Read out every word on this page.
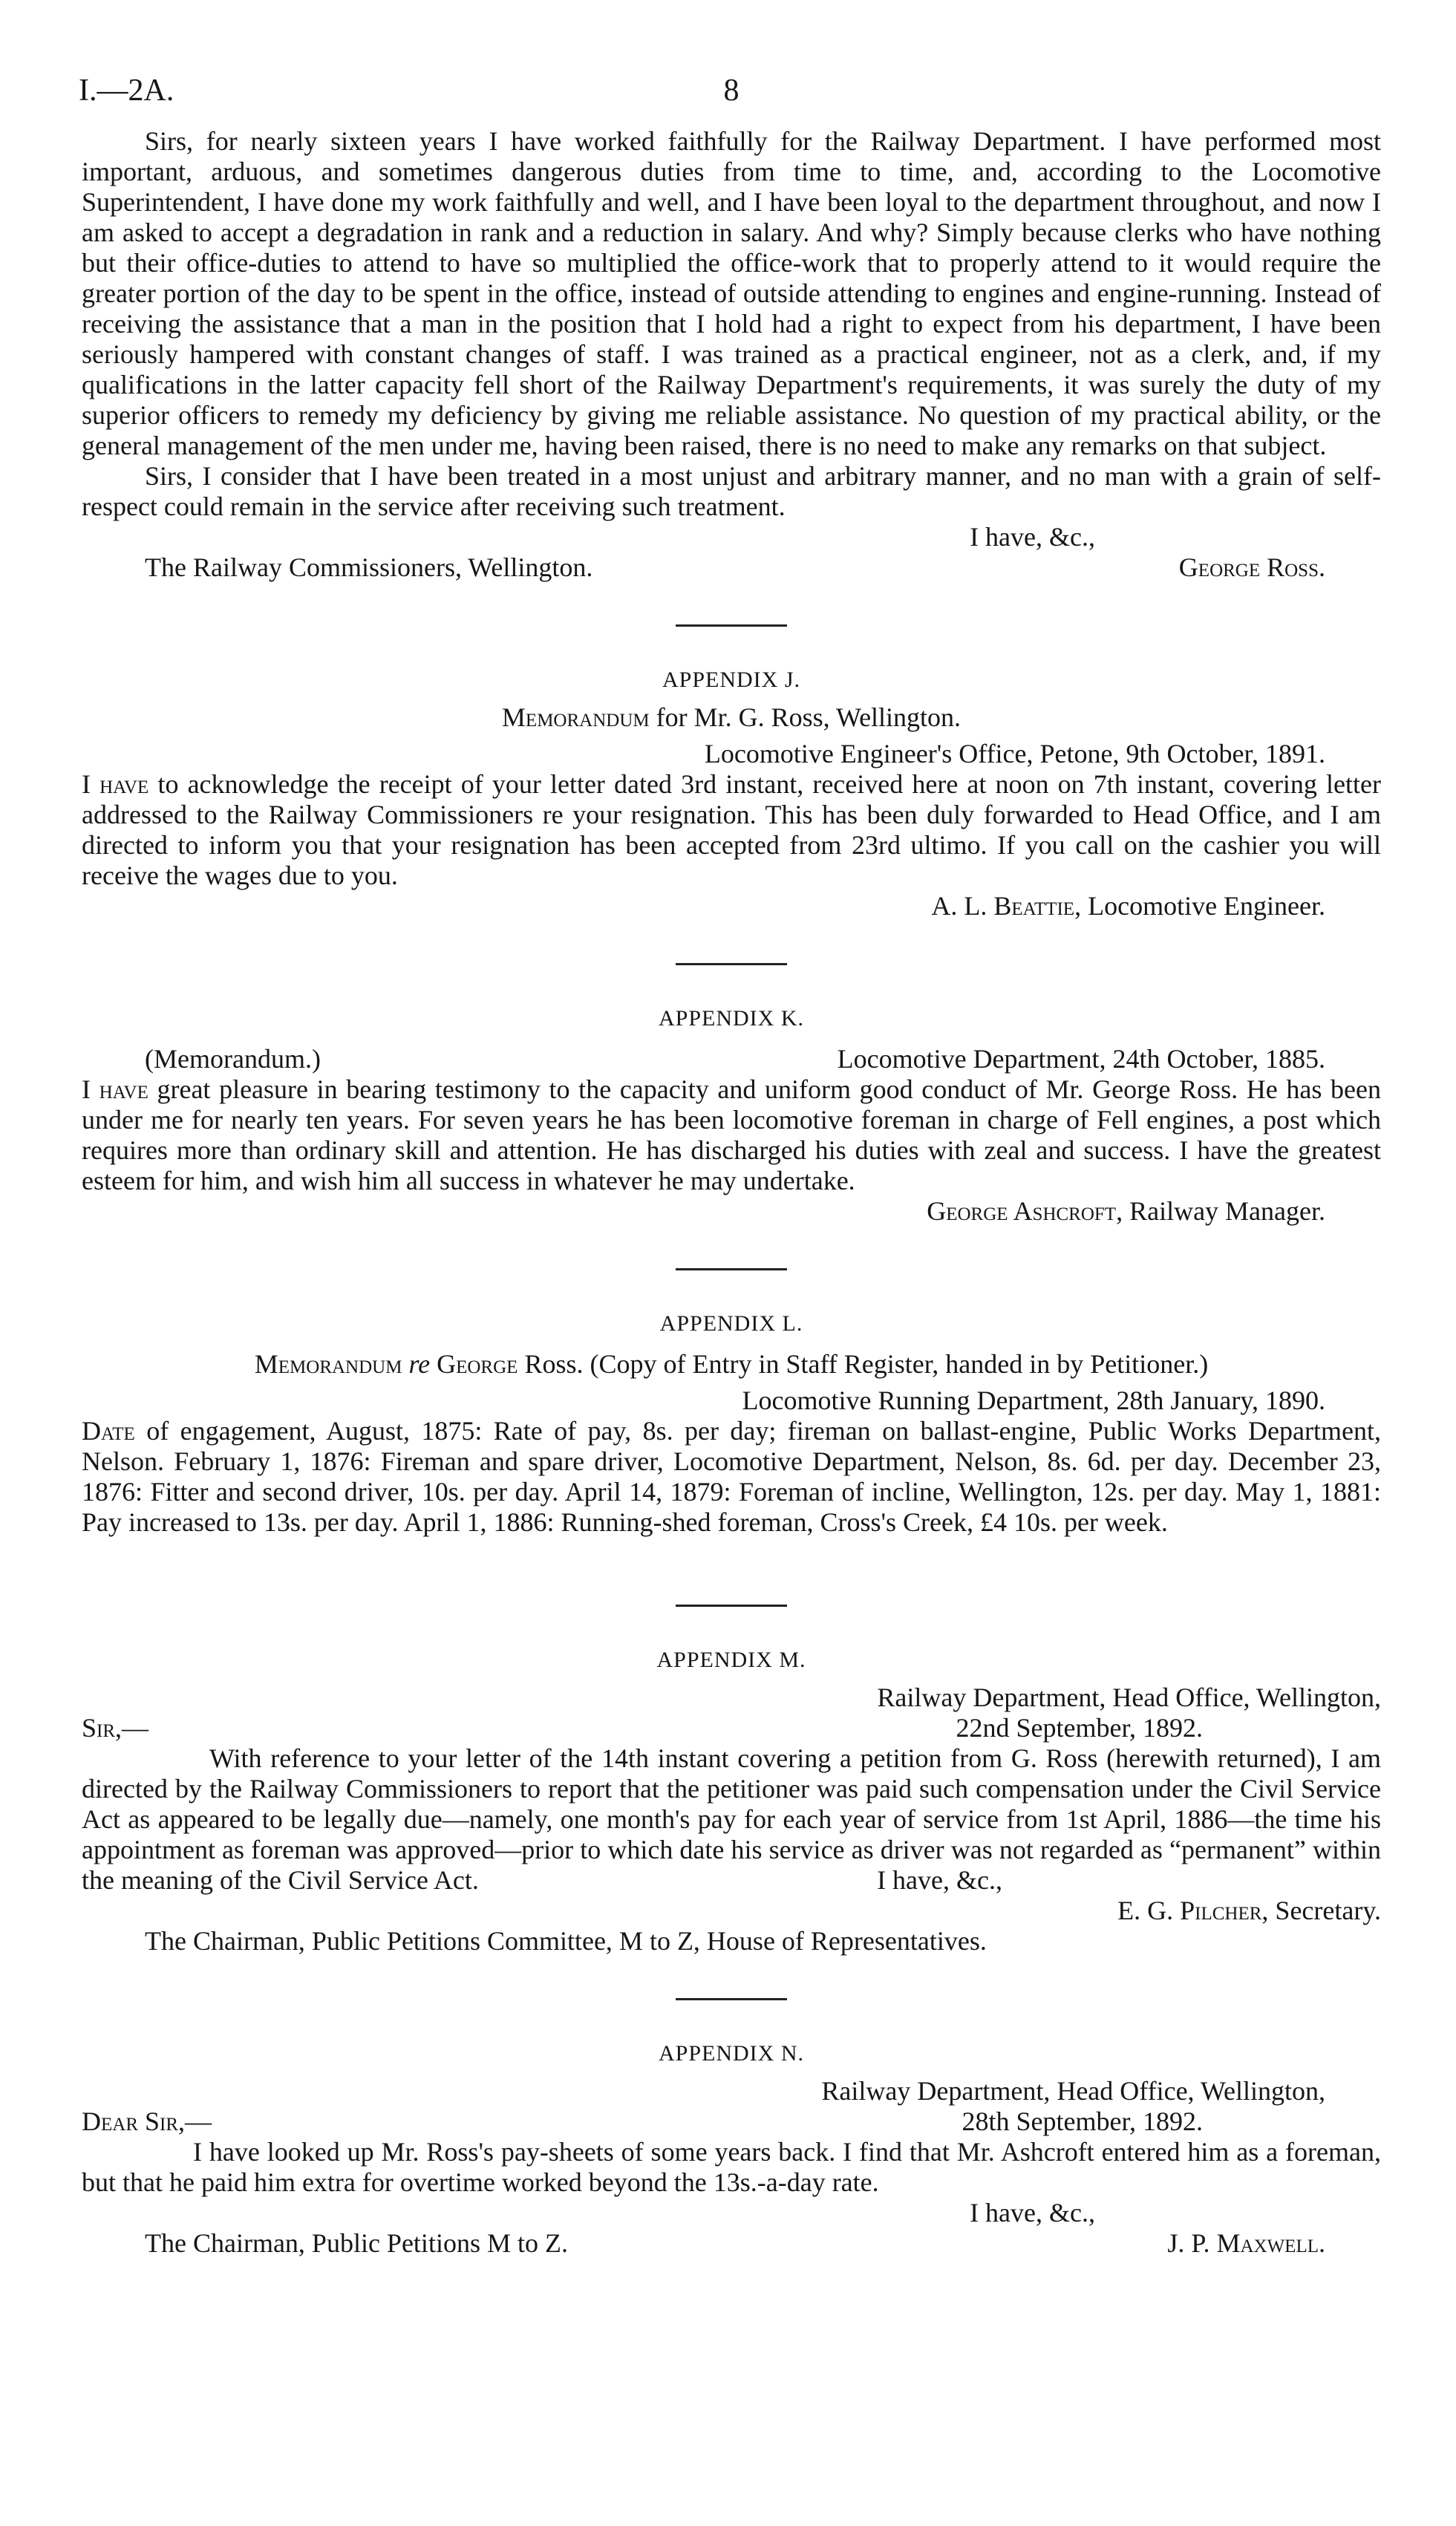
I.—2A.	8

Sirs, for nearly sixteen years I have worked faithfully for the Railway Department. I have performed most important, arduous, and sometimes dangerous duties from time to time, and, according to the Locomotive Superintendent, I have done my work faithfully and well, and I have been loyal to the department throughout, and now I am asked to accept a degradation in rank and a reduction in salary. And why? Simply because clerks who have nothing but their office-duties to attend to have so multiplied the office-work that to properly attend to it would require the greater portion of the day to be spent in the office, instead of outside attending to engines and engine-running. Instead of receiving the assistance that a man in the position that I hold had a right to expect from his department, I have been seriously hampered with constant changes of staff. I was trained as a practical engineer, not as a clerk, and, if my qualifications in the latter capacity fell short of the Railway Department's requirements, it was surely the duty of my superior officers to remedy my deficiency by giving me reliable assistance. No question of my practical ability, or the general management of the men under me, having been raised, there is no need to make any remarks on that subject.

Sirs, I consider that I have been treated in a most unjust and arbitrary manner, and no man with a grain of self-respect could remain in the service after receiving such treatment.

I have, &c.,

The Railway Commissioners, Wellington.	George Ross.

APPENDIX J.

Memorandum for Mr. G. Ross, Wellington.

Locomotive Engineer's Office, Petone, 9th October, 1891.

I have to acknowledge the receipt of your letter dated 3rd instant, received here at noon on 7th instant, covering letter addressed to the Railway Commissioners re your resignation. This has been duly forwarded to Head Office, and I am directed to inform you that your resignation has been accepted from 23rd ultimo. If you call on the cashier you will receive the wages due to you.

A. L. Beattie, Locomotive Engineer.

APPENDIX K.

(Memorandum.)	Locomotive Department, 24th October, 1885.

I have great pleasure in bearing testimony to the capacity and uniform good conduct of Mr. George Ross. He has been under me for nearly ten years. For seven years he has been locomotive foreman in charge of Fell engines, a post which requires more than ordinary skill and attention. He has discharged his duties with zeal and success. I have the greatest esteem for him, and wish him all success in whatever he may undertake.

George Ashcroft, Railway Manager.

APPENDIX L.

Memorandum re George Ross. (Copy of Entry in Staff Register, handed in by Petitioner.)

Locomotive Running Department, 28th January, 1890.

Date of engagement, August, 1875: Rate of pay, 8s. per day; fireman on ballast-engine, Public Works Department, Nelson. February 1, 1876: Fireman and spare driver, Locomotive Department, Nelson, 8s. 6d. per day. December 23, 1876: Fitter and second driver, 10s. per day. April 14, 1879: Foreman of incline, Wellington, 12s. per day. May 1, 1881: Pay increased to 13s. per day. April 1, 1886: Running-shed foreman, Cross's Creek, £4 10s. per week.

APPENDIX M.

Railway Department, Head Office, Wellington,

Sir,—	22nd September, 1892.

With reference to your letter of the 14th instant covering a petition from G. Ross (herewith returned), I am directed by the Railway Commissioners to report that the petitioner was paid such compensation under the Civil Service Act as appeared to be legally due—namely, one month's pay for each year of service from 1st April, 1886—the time his appointment as foreman was approved—prior to which date his service as driver was not regarded as “permanent” within the meaning of the Civil Service Act.	I have, &c.,

E. G. Pilcher, Secretary.

The Chairman, Public Petitions Committee, M to Z, House of Representatives.

APPENDIX N.

Railway Department, Head Office, Wellington,

Dear Sir,—	28th September, 1892.

I have looked up Mr. Ross's pay-sheets of some years back. I find that Mr. Ashcroft entered him as a foreman, but that he paid him extra for overtime worked beyond the 13s.-a-day rate.

I have, &c.,

The Chairman, Public Petitions M to Z.	J. P. Maxwell.
